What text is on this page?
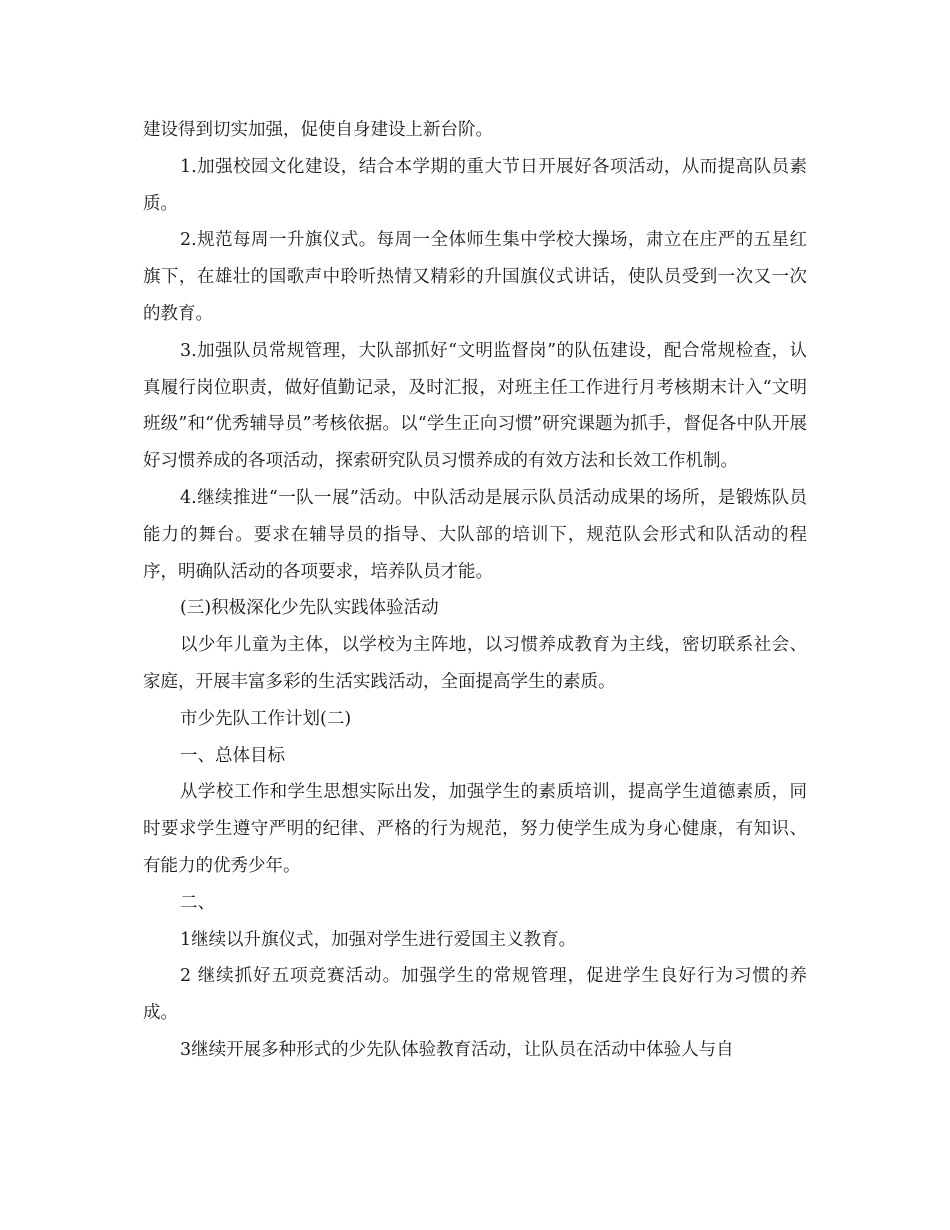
建设得到切实加强，促使自身建设上新台阶。

1.加强校园文化建设，结合本学期的重大节日开展好各项活动，从而提高队员素质。

2.规范每周一升旗仪式。每周一全体师生集中学校大操场，肃立在庄严的五星红旗下，在雄壮的国歌声中聆听热情又精彩的升国旗仪式讲话，使队员受到一次又一次的教育。

3.加强队员常规管理，大队部抓好“文明监督岗”的队伍建设，配合常规检查，认真履行岗位职责，做好值勤记录，及时汇报，对班主任工作进行月考核期末计入“文明班级”和“优秀辅导员”考核依据。以“学生正向习惯”研究课题为抓手，督促各中队开展好习惯养成的各项活动，探索研究队员习惯养成的有效方法和长效工作机制。

4.继续推进“一队一展”活动。中队活动是展示队员活动成果的场所，是锻炼队员能力的舞台。要求在辅导员的指导、大队部的培训下，规范队会形式和队活动的程序，明确队活动的各项要求，培养队员才能。

(三)积极深化少先队实践体验活动

以少年儿童为主体，以学校为主阵地，以习惯养成教育为主线，密切联系社会、家庭，开展丰富多彩的生活实践活动，全面提高学生的素质。

市少先队工作计划(二)

一、总体目标

从学校工作和学生思想实际出发，加强学生的素质培训，提高学生道德素质，同时要求学生遵守严明的纪律、严格的行为规范，努力使学生成为身心健康，有知识、有能力的优秀少年。

二、

1继续以升旗仪式，加强对学生进行爱国主义教育。

2 继续抓好五项竞赛活动。加强学生的常规管理，促进学生良好行为习惯的养成。

3继续开展多种形式的少先队体验教育活动，让队员在活动中体验人与自
